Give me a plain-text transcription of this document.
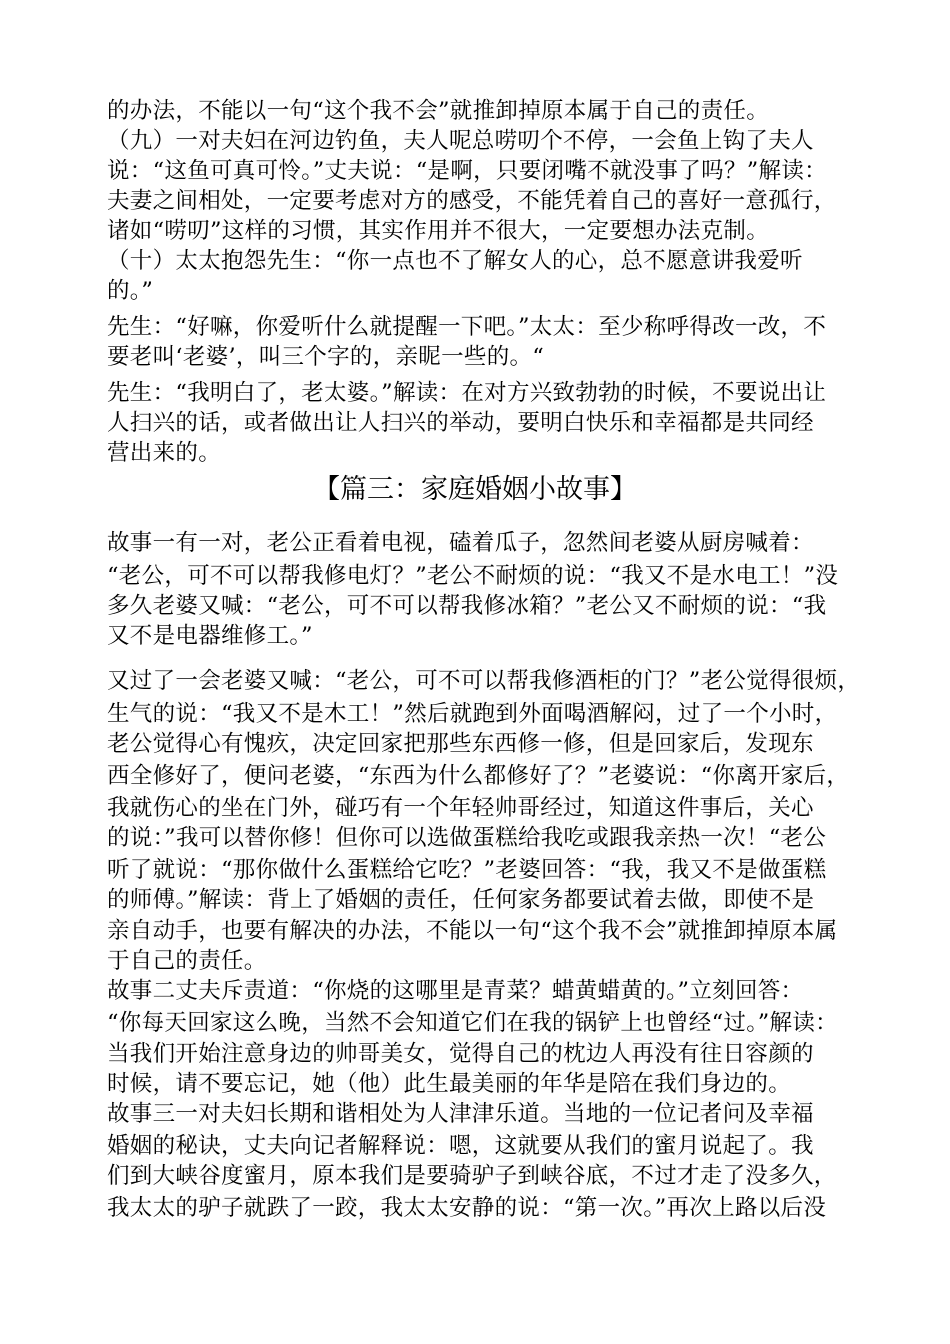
的办法，不能以一句“这个我不会”就推卸掉原本属于自己的责任。
（九）一对夫妇在河边钓鱼，夫人呢总唠叨个不停，一会鱼上钩了夫人
说：“这鱼可真可怜。”丈夫说：“是啊，只要闭嘴不就没事了吗？”解读：
夫妻之间相处，一定要考虑对方的感受，不能凭着自己的喜好一意孤行，
诸如“唠叨”这样的习惯，其实作用并不很大，一定要想办法克制。
（十）太太抱怨先生：“你一点也不了解女人的心，总不愿意讲我爱听
的。”
先生：“好嘛，你爱听什么就提醒一下吧。”太太：至少称呼得改一改，不
要老叫‘老婆’，叫三个字的，亲昵一些的。“
先生：“我明白了，老太婆。”解读：在对方兴致勃勃的时候，不要说出让
人扫兴的话，或者做出让人扫兴的举动，要明白快乐和幸福都是共同经
营出来的。
【篇三：家庭婚姻小故事】
故事一有一对，老公正看着电视，磕着瓜子，忽然间老婆从厨房喊着：
“老公，可不可以帮我修电灯？”老公不耐烦的说：“我又不是水电工！”没
多久老婆又喊：“老公，可不可以帮我修冰箱？”老公又不耐烦的说：“我
又不是电器维修工。”
又过了一会老婆又喊：“老公，可不可以帮我修酒柜的门？”老公觉得很烦，
生气的说：“我又不是木工！”然后就跑到外面喝酒解闷，过了一个小时，
老公觉得心有愧疚，决定回家把那些东西修一修，但是回家后，发现东
西全修好了，便问老婆，“东西为什么都修好了？”老婆说：“你离开家后，
我就伤心的坐在门外，碰巧有一个年轻帅哥经过，知道这件事后，关心
的说：”我可以替你修！但你可以选做蛋糕给我吃或跟我亲热一次！“老公
听了就说：“那你做什么蛋糕给它吃？”老婆回答：“我，我又不是做蛋糕
的师傅。”解读：背上了婚姻的责任，任何家务都要试着去做，即使不是
亲自动手，也要有解决的办法，不能以一句“这个我不会”就推卸掉原本属
于自己的责任。
故事二丈夫斥责道：“你烧的这哪里是青菜？蜡黄蜡黄的。”立刻回答：
“你每天回家这么晚，当然不会知道它们在我的锅铲上也曾经“过。”解读：
当我们开始注意身边的帅哥美女，觉得自己的枕边人再没有往日容颜的
时候，请不要忘记，她（他）此生最美丽的年华是陪在我们身边的。
故事三一对夫妇长期和谐相处为人津津乐道。当地的一位记者问及幸福
婚姻的秘诀，丈夫向记者解释说：嗯，这就要从我们的蜜月说起了。我
们到大峡谷度蜜月，原本我们是要骑驴子到峡谷底，不过才走了没多久，
我太太的驴子就跌了一跤，我太太安静的说：“第一次。”再次上路以后没
